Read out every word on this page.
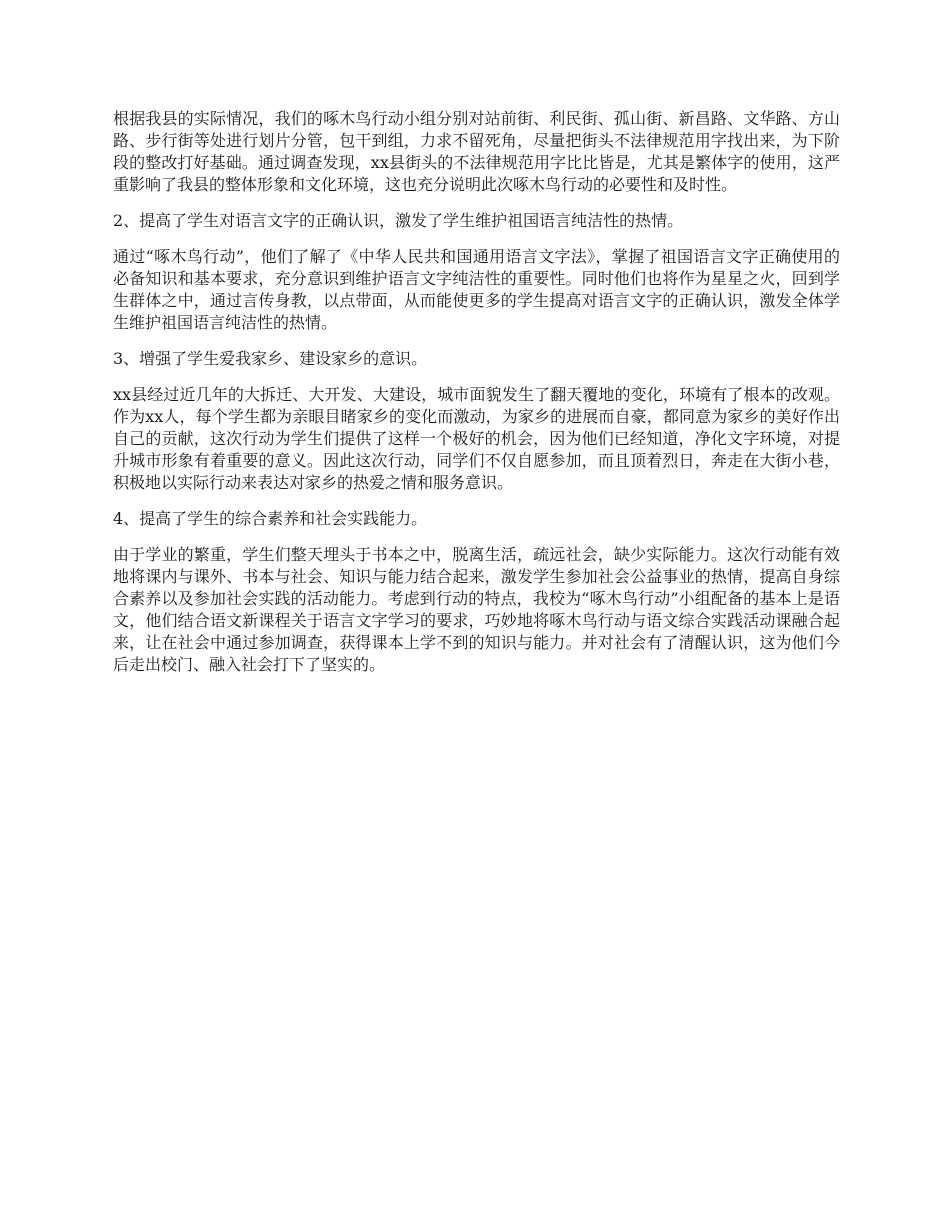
根据我县的实际情况，我们的啄木鸟行动小组分别对站前街、利民街、孤山街、新昌路、文华路、方山路、步行街等处进行划片分管，包干到组，力求不留死角，尽量把街头不法律规范用字找出来，为下阶段的整改打好基础。通过调查发现，xx县街头的不法律规范用字比比皆是，尤其是繁体字的使用，这严重影响了我县的整体形象和文化环境，这也充分说明此次啄木鸟行动的必要性和及时性。

2、提高了学生对语言文字的正确认识，激发了学生维护祖国语言纯洁性的热情。

通过“啄木鸟行动”，他们了解了《中华人民共和国通用语言文字法》，掌握了祖国语言文字正确使用的必备知识和基本要求，充分意识到维护语言文字纯洁性的重要性。同时他们也将作为星星之火，回到学生群体之中，通过言传身教，以点带面，从而能使更多的学生提高对语言文字的正确认识，激发全体学生维护祖国语言纯洁性的热情。

3、增强了学生爱我家乡、建设家乡的意识。

xx县经过近几年的大拆迁、大开发、大建设，城市面貌发生了翻天覆地的变化，环境有了根本的改观。作为xx人，每个学生都为亲眼目睹家乡的变化而激动，为家乡的进展而自豪，都同意为家乡的美好作出自己的贡献，这次行动为学生们提供了这样一个极好的机会，因为他们已经知道，净化文字环境，对提升城市形象有着重要的意义。因此这次行动，同学们不仅自愿参加，而且顶着烈日，奔走在大街小巷，积极地以实际行动来表达对家乡的热爱之情和服务意识。

4、提高了学生的综合素养和社会实践能力。

由于学业的繁重，学生们整天埋头于书本之中，脱离生活，疏远社会，缺少实际能力。这次行动能有效地将课内与课外、书本与社会、知识与能力结合起来，激发学生参加社会公益事业的热情，提高自身综合素养以及参加社会实践的活动能力。考虑到行动的特点，我校为“啄木鸟行动”小组配备的基本上是语文，他们结合语文新课程关于语言文字学习的要求，巧妙地将啄木鸟行动与语文综合实践活动课融合起来，让在社会中通过参加调查，获得课本上学不到的知识与能力。并对社会有了清醒认识，这为他们今后走出校门、融入社会打下了坚实的。
